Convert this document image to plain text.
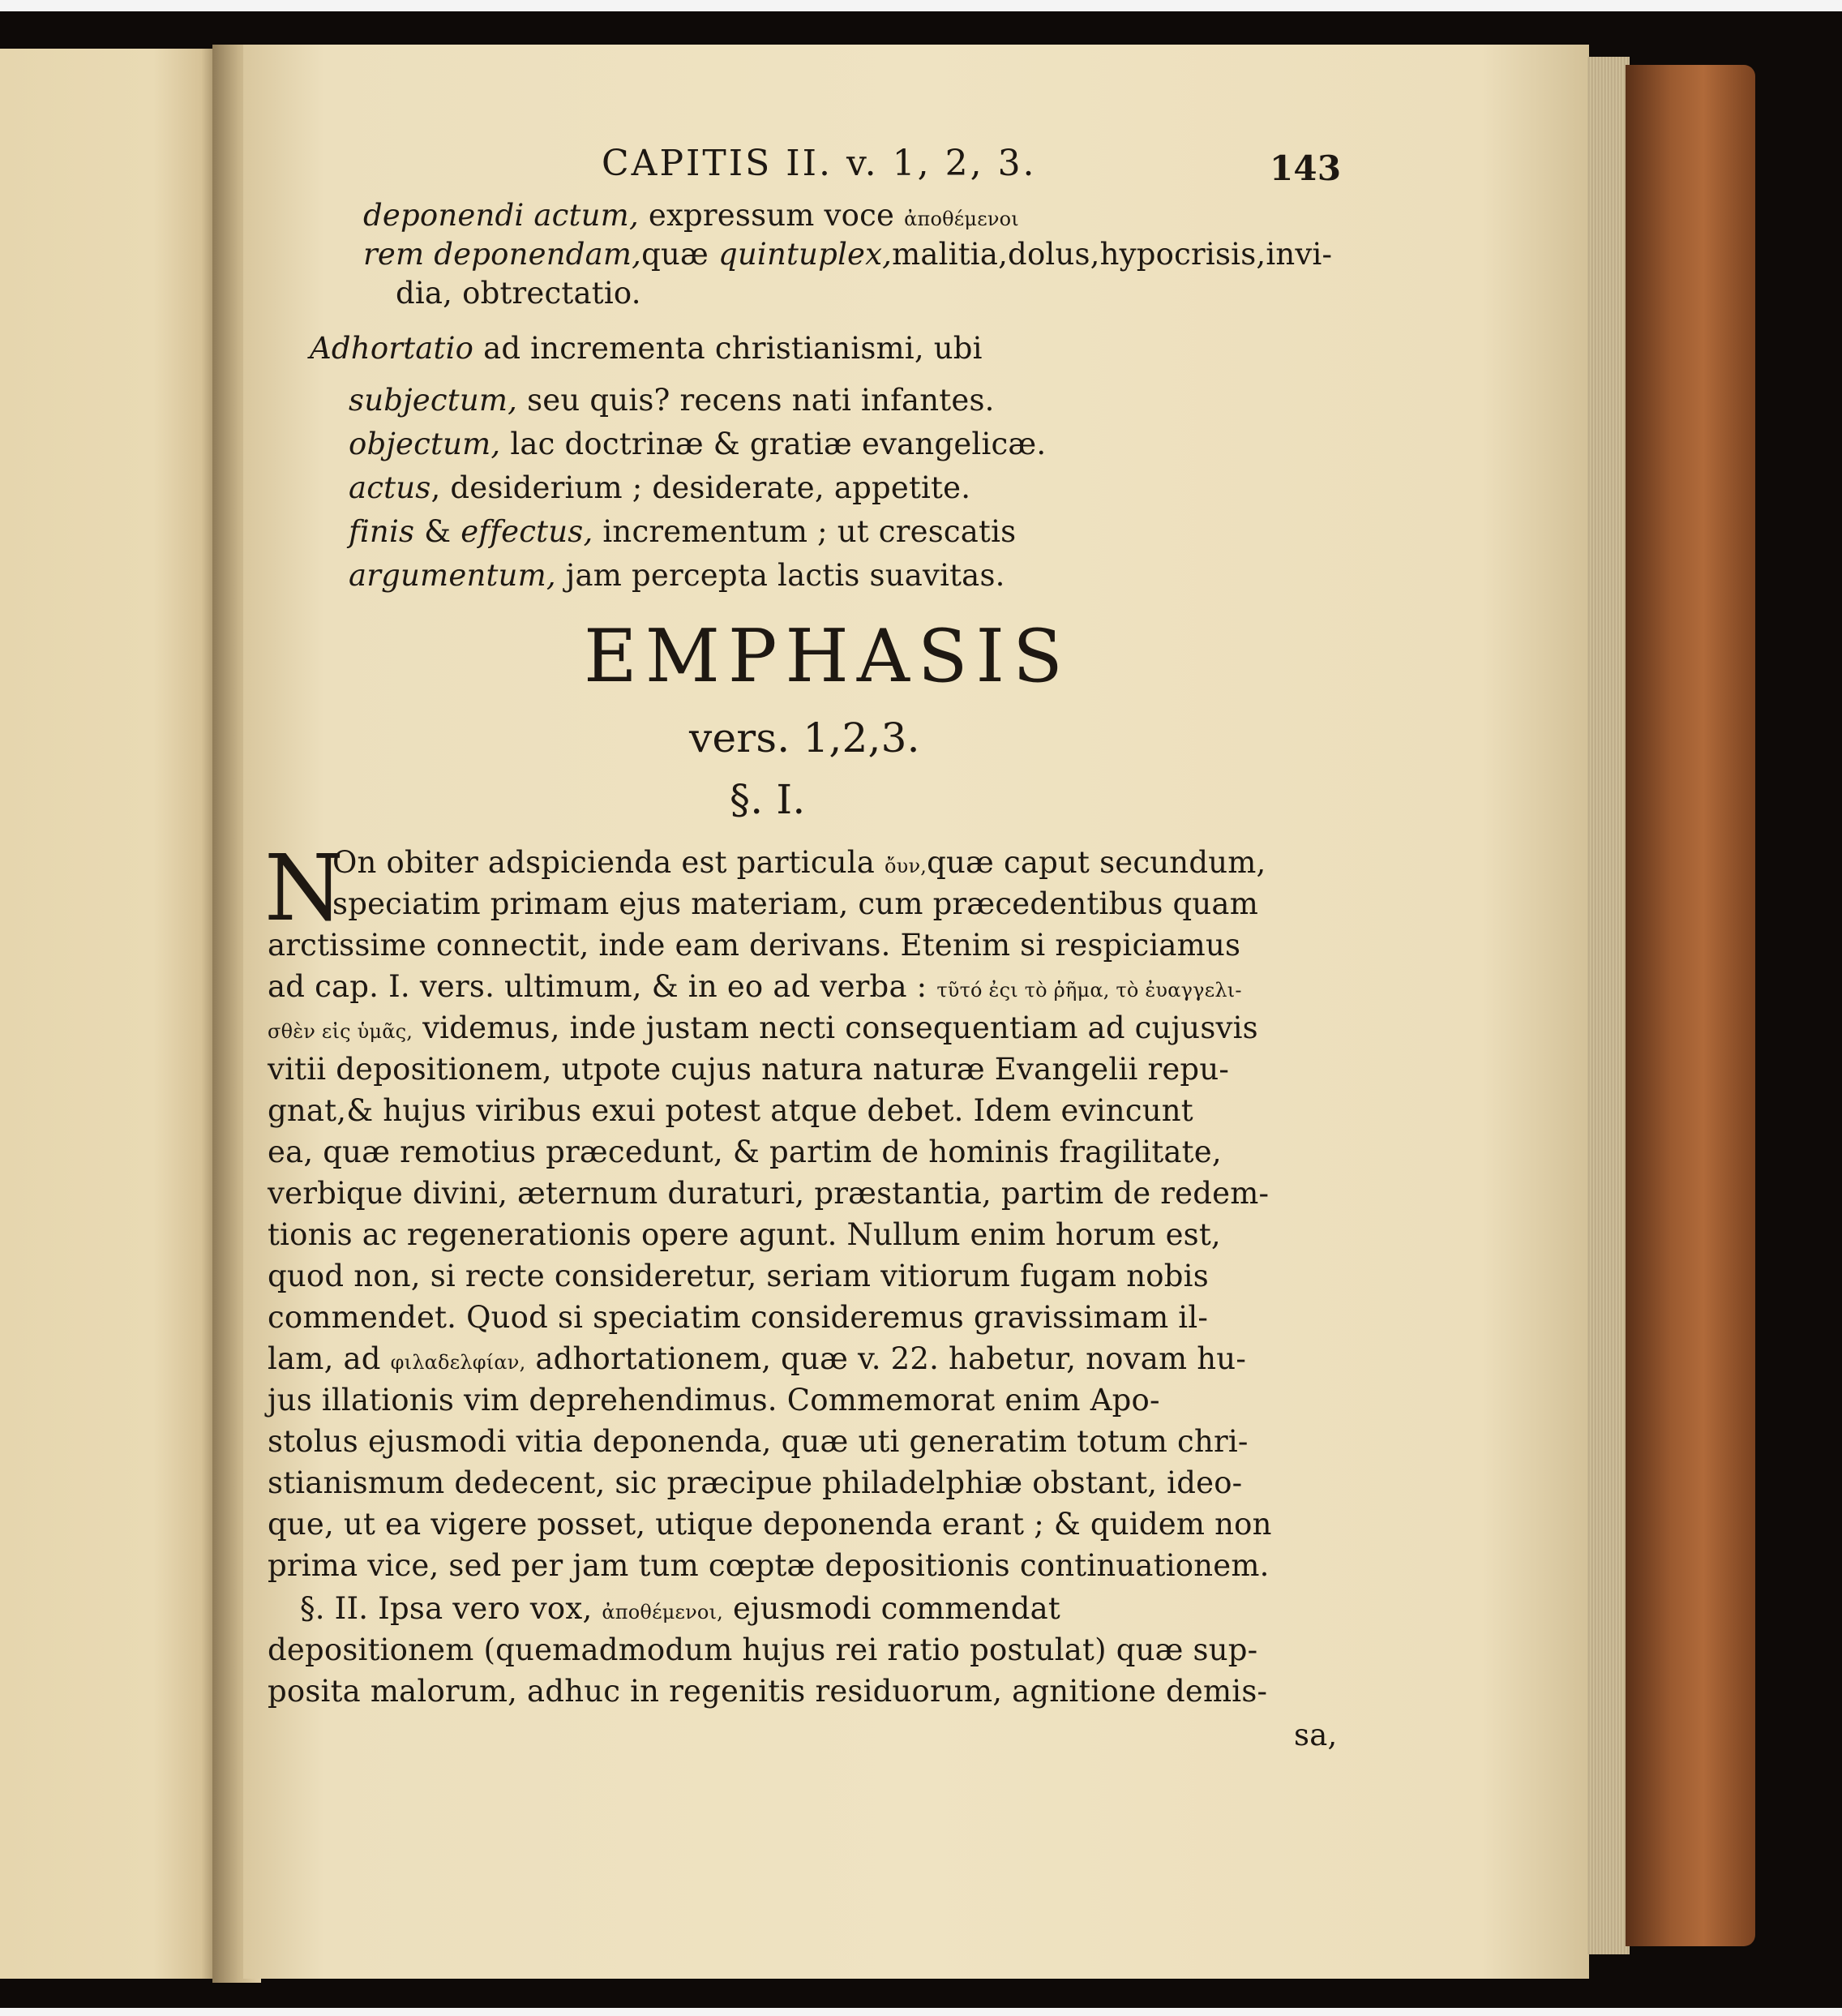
CAPITIS II. v. 1, 2, 3.	143

deponendi actum, expressum voce ἀποθέμενοι

rem deponendam,quæ quintuplex,malitia,dolus,hypocrisis,invi-

dia, obtrectatio.

Adhortatio ad incrementa christianismi, ubi

subjectum, seu quis? recens nati infantes.

objectum, lac doctrinæ & gratiæ evangelicæ.

actus, desiderium ; desiderate, appetite.

finis & effectus, incrementum ; ut crescatis

argumentum, jam percepta lactis suavitas.

EMPHASIS

vers. 1,2,3.

§. I.

N

On obiter adspicienda est particula ὄυν,quæ caput secundum,

speciatim primam ejus materiam, cum præcedentibus quam

arctissime connectit, inde eam derivans. Etenim si respiciamus

ad cap. I. vers. ultimum, & in eo ad verba : τῦτό ἐςι τὸ ῥῆμα, τὸ ἐυαγγελι-

σθὲν εἰς ὑμᾶς, videmus, inde justam necti consequentiam ad cujusvis

vitii depositionem, utpote cujus natura naturæ Evangelii repu-

gnat,& hujus viribus exui potest atque debet. Idem evincunt

ea, quæ remotius præcedunt, & partim de hominis fragilitate,

verbique divini, æternum duraturi, præstantia, partim de redem-

tionis ac regenerationis opere agunt. Nullum enim horum est,

quod non, si recte consideretur, seriam vitiorum fugam nobis

commendet. Quod si speciatim consideremus gravissimam il-

lam, ad φιλαδελφίαν, adhortationem, quæ v. 22. habetur, novam hu-

jus illationis vim deprehendimus. Commemorat enim Apo-

stolus ejusmodi vitia deponenda, quæ uti generatim totum chri-

stianismum dedecent, sic præcipue philadelphiæ obstant, ideo-

que, ut ea vigere posset, utique deponenda erant ; & quidem non

prima vice, sed per jam tum cœptæ depositionis continuationem.

§. II. Ipsa vero vox, ἀποθέμενοι, ejusmodi commendat

depositionem (quemadmodum hujus rei ratio postulat) quæ sup-

posita malorum, adhuc in regenitis residuorum, agnitione demis-

sa,
